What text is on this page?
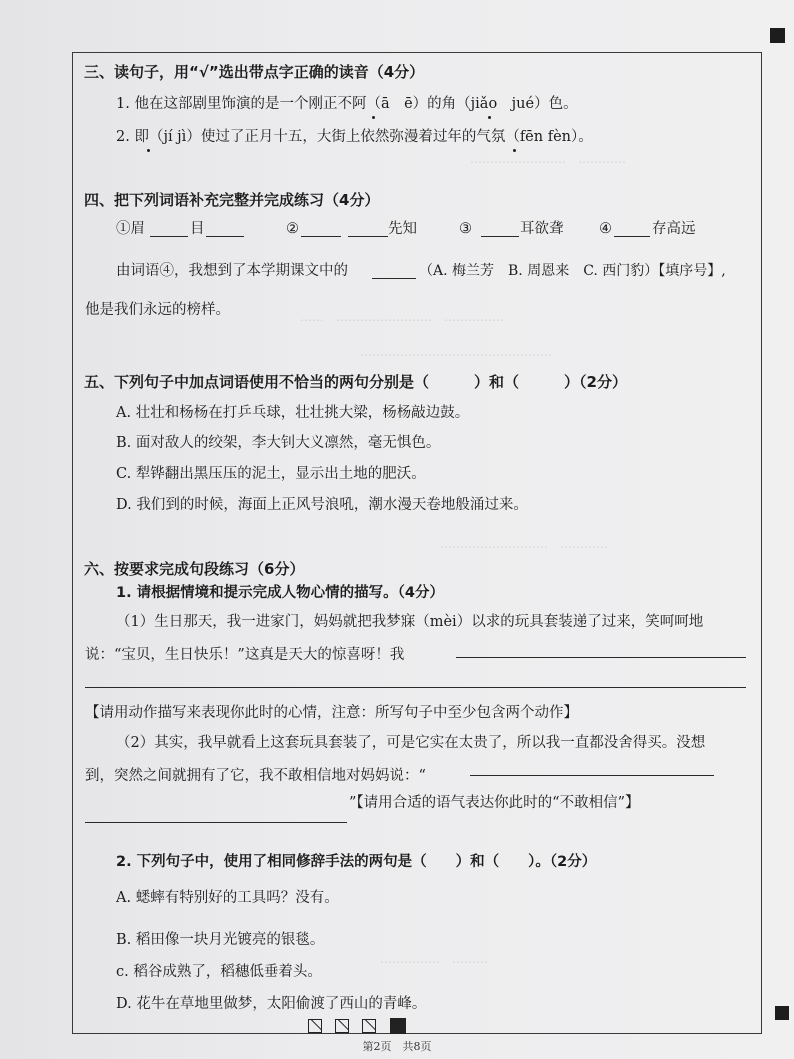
……………………　…………
……　……………………　……………
…………………………………………
………………………　…………
……………　………
三、读句子，用“√”选出带点字正确的读音（4分）
1. 他在这部剧里饰演的是一个刚正不阿（ā　ē）的角（jiǎo　jué）色。
2. 即（jí jì）使过了正月十五，大街上依然弥漫着过年的气氛（fēn fèn）。
四、把下列词语补充完整并完成练习（4分）
①眉	目	②	先知	③	耳欲聋 ④	存高远
由词语④，我想到了本学期课文中的	（A. 梅兰芳　B. 周恩来　C. 西门豹）【填序号】,
他是我们永远的榜样。
五、下列句子中加点词语使用不恰当的两句分别是（　　　）和（　　　）（2分）
A. 壮壮和杨杨在打乒乓球，壮壮挑大梁，杨杨敲边鼓。
B. 面对敌人的绞架，李大钊大义凛然，毫无惧色。
C. 犁铧翻出黑压压的泥土，显示出土地的肥沃。
D. 我们到的时候，海面上正风号浪吼，潮水漫天卷地般涌过来。
六、按要求完成句段练习（6分）
1. 请根据情境和提示完成人物心情的描写。（4分）
（1）生日那天，我一进家门，妈妈就把我梦寐（mèi）以求的玩具套装递了过来，笑呵呵地
说：“宝贝，生日快乐！”这真是天大的惊喜呀！我
【请用动作描写来表现你此时的心情，注意：所写句子中至少包含两个动作】
（2）其实，我早就看上这套玩具套装了，可是它实在太贵了，所以我一直都没舍得买。没想
到，突然之间就拥有了它，我不敢相信地对妈妈说：“
”【请用合适的语气表达你此时的“不敢相信”】
2. 下列句子中，使用了相同修辞手法的两句是（　　）和（　　）。（2分）
A. 蟋蟀有特别好的工具吗？没有。
B. 稻田像一块月光镀亮的银毯。
c. 稻谷成熟了，稻穗低垂着头。
D. 花牛在草地里做梦，太阳偷渡了西山的青峰。
第2页　共8页
